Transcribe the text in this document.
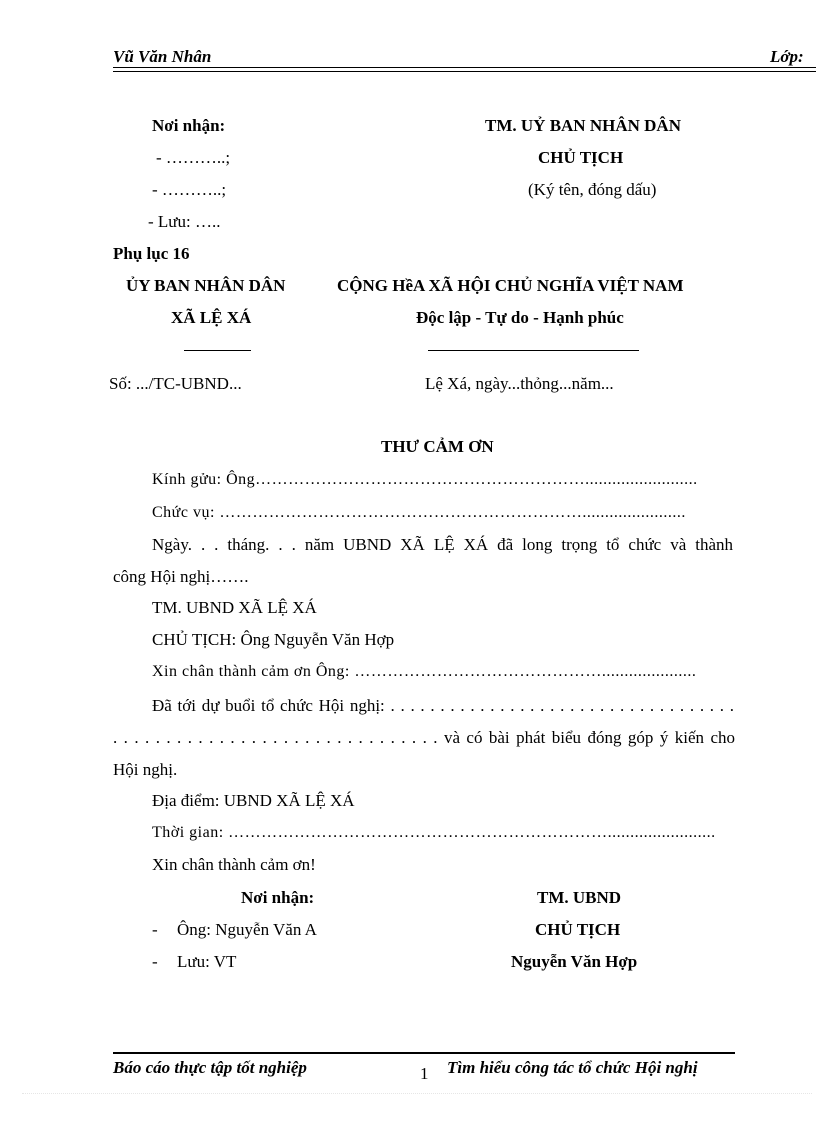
Vũ Văn Nhân	Lớp:
Nơi nhận:
- ………..;
- ………..;
- Lưu: …..
TM. UỶ BAN NHÂN DÂN
CHỦ TỊCH
(Ký tên, đóng dấu)
Phụ lục 16
ỦY BAN NHÂN DÂN
XÃ LỆ XÁ
CỘNG HềA XÃ HỘI CHỦ NGHĨA VIỆT NAM
Độc lập - Tự do - Hạnh phúc
Số: .../TC-UBND...	Lệ Xá, ngày...thỏng...năm...
THƯ CẢM ƠN
Kính gửu: Ông…………………………………………………….........................
Chức vụ: ………………………………………………………….......................
Ngày. . . tháng. . . năm UBND XÃ LỆ XÁ đã long trọng tổ chức và thành
công Hội nghị…….
TM. UBND XÃ LỆ XÁ
CHỦ TỊCH: Ông Nguyễn Văn Hợp
Xin chân thành cảm ơn Ông: ……………………………………….....................
Đã tới dự buổi tổ chức Hội nghị: . . . . . . . . . . . . . . . . . . . . . . . . . . . . . . . . . . .
. . . . . . . . . . . . . . . . . . . . . . . . . . . . . . . và có bài phát biểu đóng góp ý kiến cho
Hội nghị.
Địa điểm: UBND XÃ LỆ XÁ
Thời gian: ……………………………………………………………........................
Xin chân thành cảm ơn!
Nơi nhận:
- Ông: Nguyễn Văn A
- Lưu: VT
TM. UBND
CHỦ TỊCH
Nguyễn Văn Hợp
Báo cáo thực tập tốt nghiệp	1 Tìm hiểu công tác tổ chức Hội nghị
